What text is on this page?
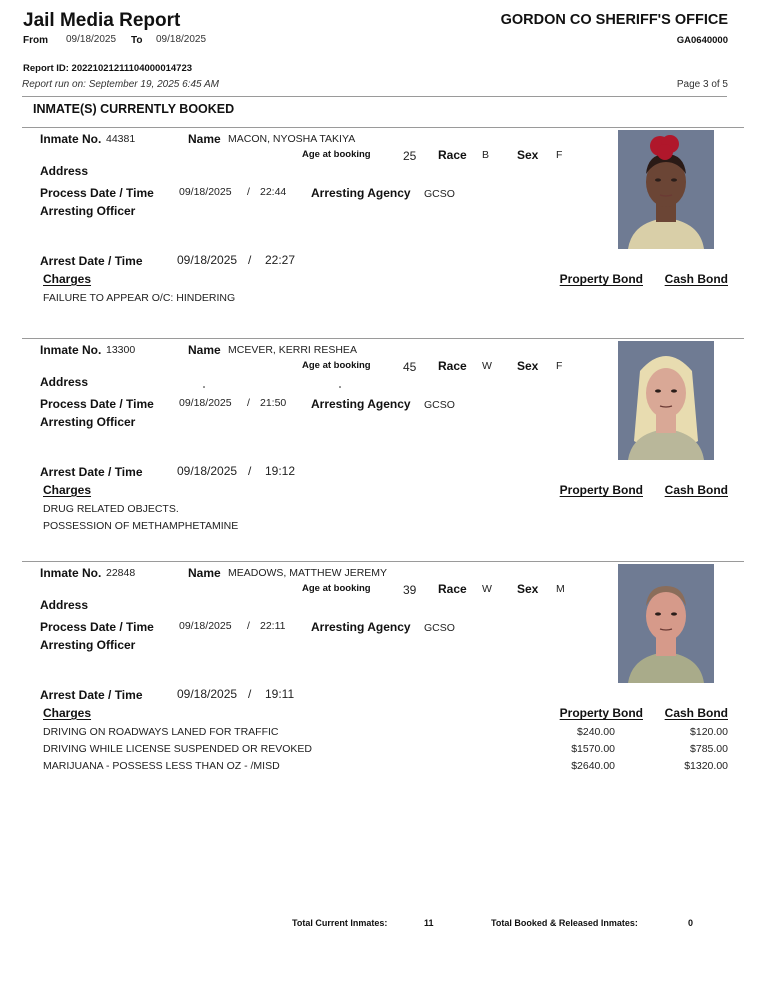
Jail Media Report
From 09/18/2025 To 09/18/2025
GORDON CO SHERIFF'S OFFICE
GA0640000
Report ID: 20221021211104000014723
Report run on: September 19, 2025 6:45 AM	Page 3 of 5
INMATE(S) CURRENTLY BOOKED
Inmate No. 44381	Name MACON, NYOSHA TAKIYA
Age at booking	25 Race B Sex F
Address
Process Date / Time 09/18/2025 / 22:44 Arresting Agency GCSO
Arresting Officer
Arrest Date / Time	09/18/2025 / 22:27
Charges	Property Bond Cash Bond
FAILURE TO APPEAR O/C: HINDERING
Inmate No. 13300	Name MCEVER, KERRI RESHEA
Age at booking	45 Race W Sex F
Address
Process Date / Time 09/18/2025 / 21:50 Arresting Agency GCSO
Arresting Officer
Arrest Date / Time	09/18/2025 / 19:12
Charges	Property Bond Cash Bond
DRUG RELATED OBJECTS.
POSSESSION OF METHAMPHETAMINE
Inmate No. 22848	Name MEADOWS, MATTHEW JEREMY
Age at booking	39 Race W Sex M
Address
Process Date / Time 09/18/2025 / 22:11 Arresting Agency GCSO
Arresting Officer
Arrest Date / Time	09/18/2025 / 19:11
Charges	Property Bond Cash Bond
DRIVING ON ROADWAYS LANED FOR TRAFFIC	$240.00	$120.00
DRIVING WHILE LICENSE SUSPENDED OR REVOKED	$1570.00	$785.00
MARIJUANA - POSSESS LESS THAN OZ - /MISD	$2640.00	$1320.00
Total Current Inmates:	11	Total Booked & Released Inmates:	0
